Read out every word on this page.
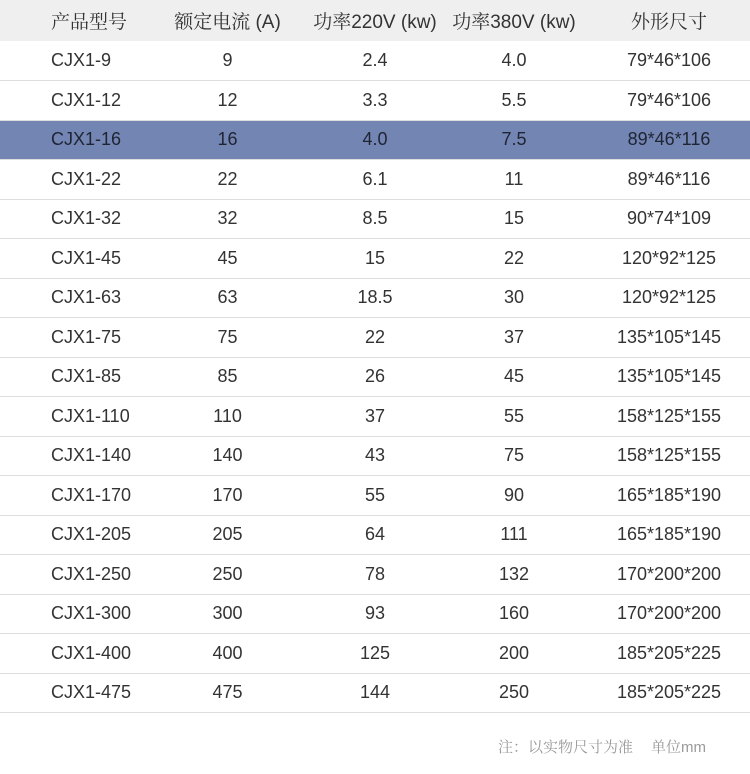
产品型号	额定电流 (A)	功率220V (kw)	功率380V (kw)	外形尺寸
CJX1-9	9	2.4	4.0	79*46*106
CJX1-12	12	3.3	5.5	79*46*106
CJX1-16	16	4.0	7.5	89*46*116
CJX1-22	22	6.1	11	89*46*116
CJX1-32	32	8.5	15	90*74*109
CJX1-45	45	15	22	120*92*125
CJX1-63	63	18.5	30	120*92*125
CJX1-75	75	22	37	135*105*145
CJX1-85	85	26	45	135*105*145
CJX1-110	110	37	55	158*125*155
CJX1-140	140	43	75	158*125*155
CJX1-170	170	55	90	165*185*190
CJX1-205	205	64	111	165*185*190
CJX1-250	250	78	132	170*200*200
CJX1-300	300	93	160	170*200*200
CJX1-400	400	125	200	185*205*225
CJX1-475	475	144	250	185*205*225
注：以实物尺寸为准 单位mm
